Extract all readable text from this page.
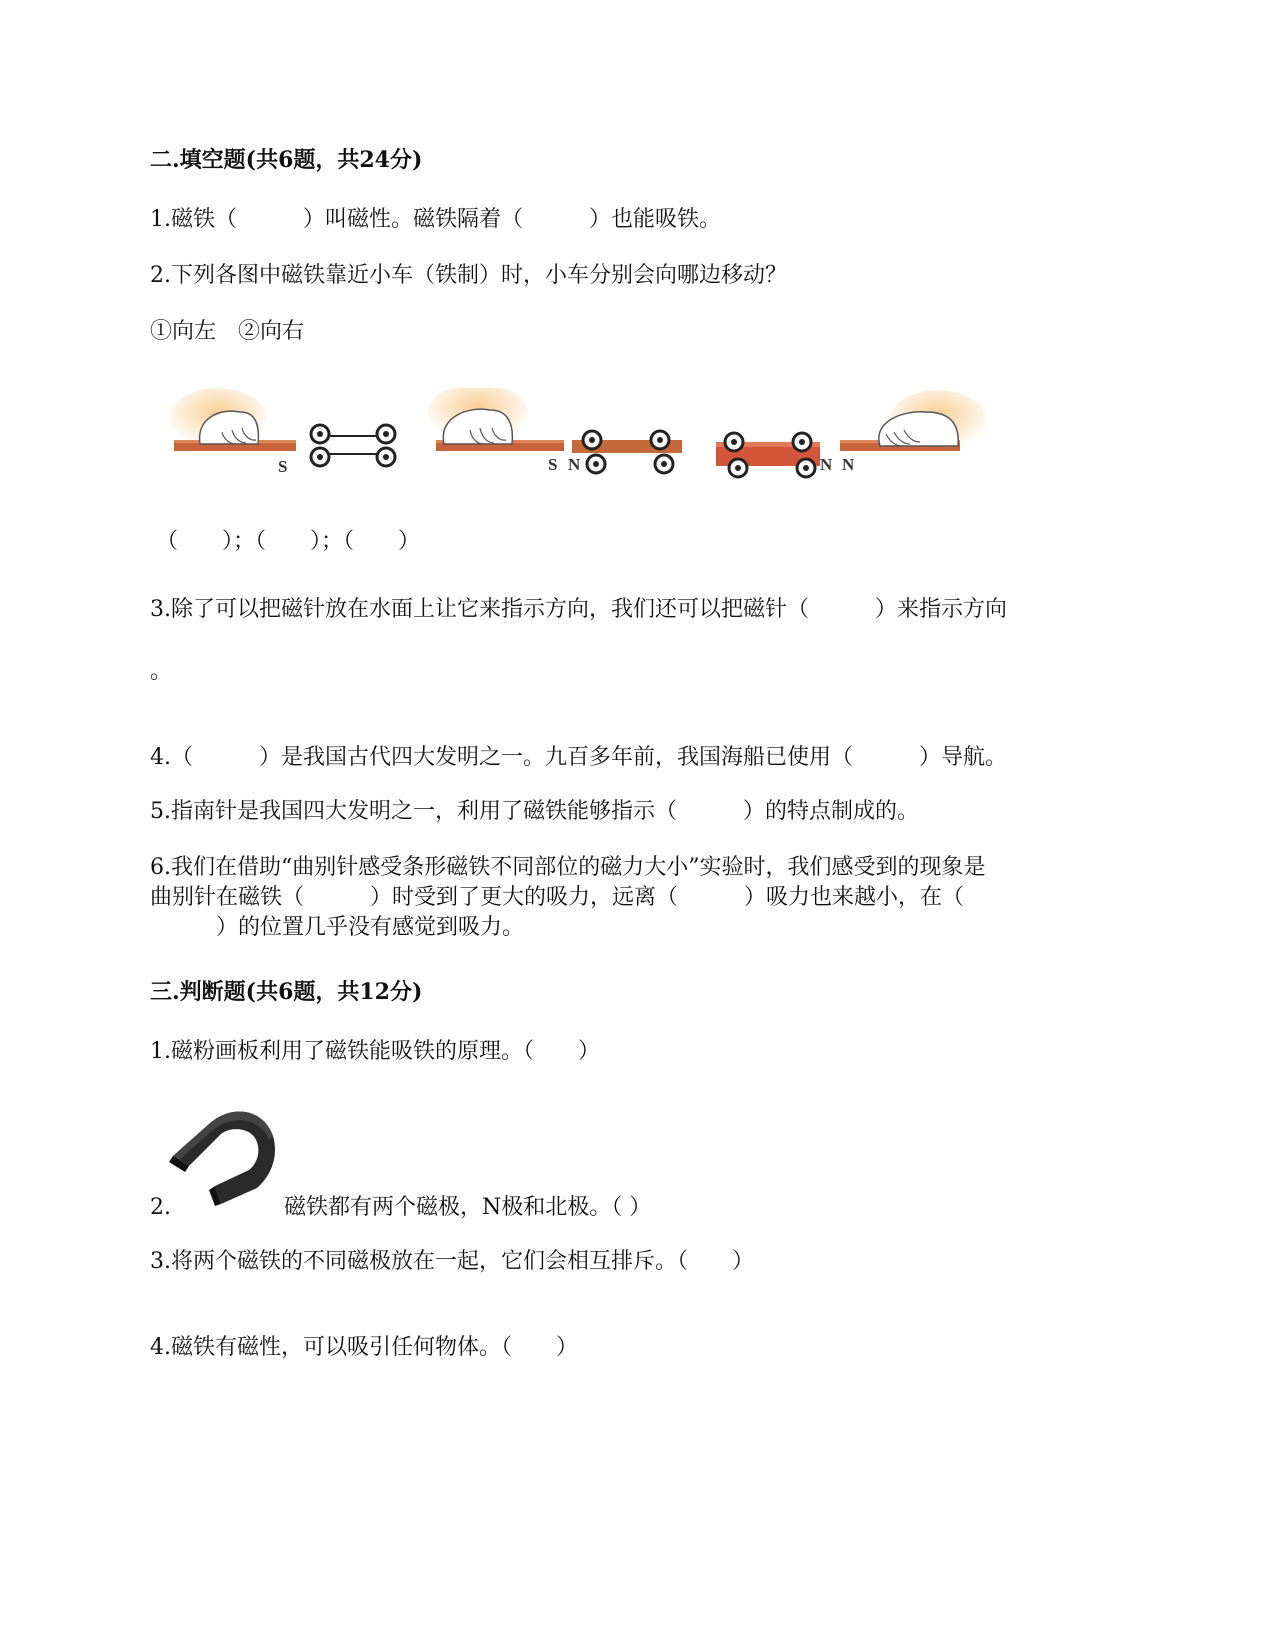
二.填空题(共6题，共24分)
1.磁铁（　　　）叫磁性。磁铁隔着（　　　）也能吸铁。
2.下列各图中磁铁靠近小车（铁制）时，小车分别会向哪边移动？
①向左　②向右
S	S N	N N
（　　）；（　　）；（　　）
3.除了可以把磁针放在水面上让它来指示方向，我们还可以把磁针（　　　）来指示方向
。
4.（　　　）是我国古代四大发明之一。九百多年前，我国海船已使用（　　　）导航。
5.指南针是我国四大发明之一，利用了磁铁能够指示（　　　）的特点制成的。
6.我们在借助“曲别针感受条形磁铁不同部位的磁力大小”实验时，我们感受到的现象是
曲别针在磁铁（　　　）时受到了更大的吸力，远离（　　　）吸力也来越小，在（
　　　）的位置几乎没有感觉到吸力。
三.判断题(共6题，共12分)
1.磁粉画板利用了磁铁能吸铁的原理。（　　）
2.	磁铁都有两个磁极，N极和北极。（ ）
3.将两个磁铁的不同磁极放在一起，它们会相互排斥。（　　）
4.磁铁有磁性，可以吸引任何物体。（　　）
